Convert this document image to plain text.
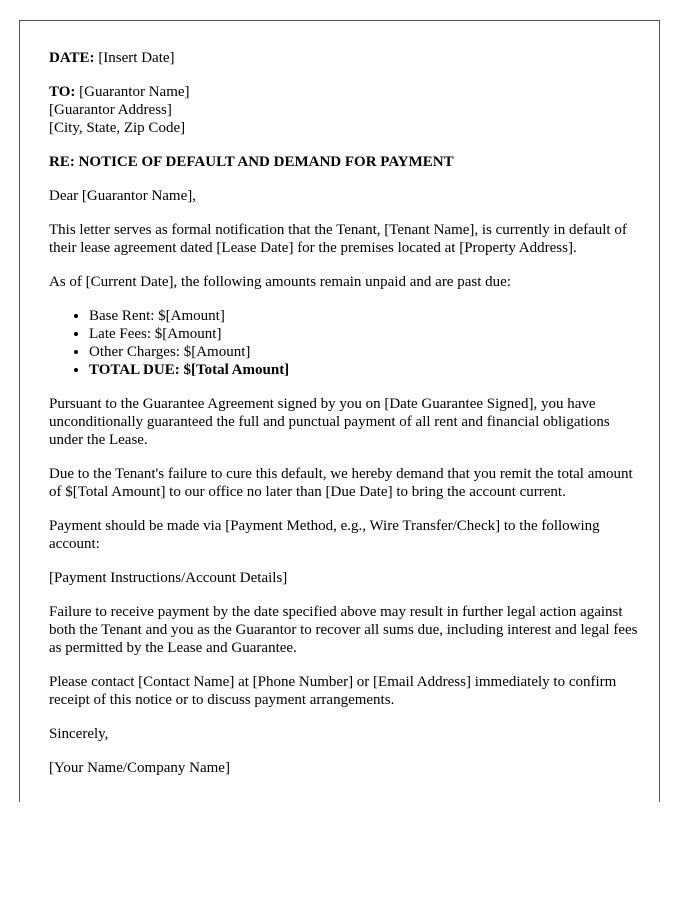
DATE: [Insert Date]

TO: [Guarantor Name]
[Guarantor Address]
[City, State, Zip Code]

RE: NOTICE OF DEFAULT AND DEMAND FOR PAYMENT

Dear [Guarantor Name],

This letter serves as formal notification that the Tenant, [Tenant Name], is currently in default of their lease agreement dated [Lease Date] for the premises located at [Property Address].

As of [Current Date], the following amounts remain unpaid and are past due:

• Base Rent: $[Amount]
• Late Fees: $[Amount]
• Other Charges: $[Amount]
• TOTAL DUE: $[Total Amount]

Pursuant to the Guarantee Agreement signed by you on [Date Guarantee Signed], you have unconditionally guaranteed the full and punctual payment of all rent and financial obligations under the Lease.

Due to the Tenant's failure to cure this default, we hereby demand that you remit the total amount of $[Total Amount] to our office no later than [Due Date] to bring the account current.

Payment should be made via [Payment Method, e.g., Wire Transfer/Check] to the following account:

[Payment Instructions/Account Details]

Failure to receive payment by the date specified above may result in further legal action against both the Tenant and you as the Guarantor to recover all sums due, including interest and legal fees as permitted by the Lease and Guarantee.

Please contact [Contact Name] at [Phone Number] or [Email Address] immediately to confirm receipt of this notice or to discuss payment arrangements.

Sincerely,

[Your Name/Company Name]
